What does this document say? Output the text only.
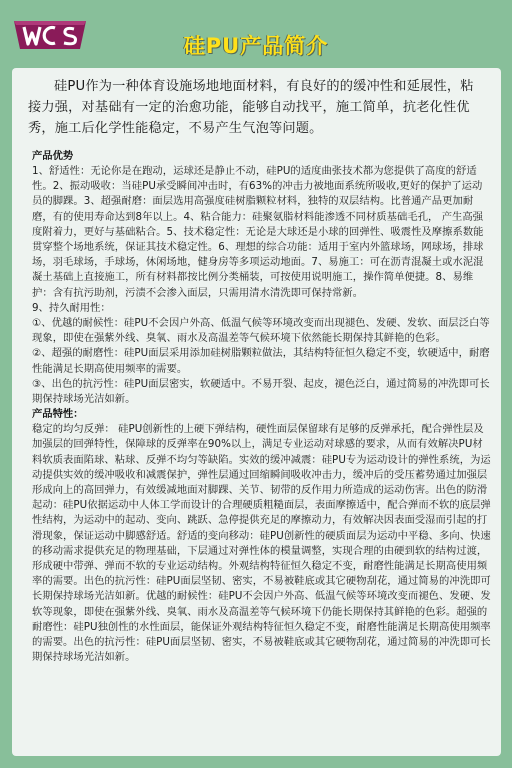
硅PU产品简介
硅PU作为一种体育设施场地地面材料，有良好的的缓冲性和延展性，粘接力强，对基础有一定的治愈功能，能够自动找平，施工简单，抗老化性优秀，施工后化学性能稳定，不易产生气泡等问题。
产品优势
1、舒适性：无论你是在跑动，运球还是静止不动，硅PU的适度曲张技术都为您提供了高度的舒适性。2、振动吸收：当硅PU承受瞬间冲击时，有63%的冲击力被地面系统所吸收,更好的保护了运动员的脚踝。3、超强耐磨：面层选用高强度硅树脂颗粒材料，独特的双层结构。比普通产品更加耐磨，有的使用寿命达到8年以上。4、粘合能力：硅聚氨脂材料能渗透不同材质基础毛孔， 产生高强度附着力，更好与基础粘合。5、技术稳定性：无论是大球还是小球的回弹性、吸震性及摩擦系数能贯穿整个场地系统，保证其技术稳定性。6、理想的综合功能：适用于室内外篮球场，网球场，排球场，羽毛球场，手球场，休闲场地，健身房等多项运动地面。7、易施工：可在沥青混凝土或水泥混凝土基础上直接施工，所有材料都按比例分类桶装，可按使用说明施工，操作简单便捷。8、易维护：含有抗污助剂，污渍不会渗入面层，只需用清水清洗即可保持常新。
9、持久耐用性：
①、优越的耐候性：硅PU不会因户外高、低温气候等环境改变而出现褪色、发硬、发软、面层泛白等现象，即使在强紫外线、臭氧、雨水及高温差等气候环境下依然能长期保持其鲜艳的色彩。
②、超强的耐磨性：硅PU面层采用添加硅树脂颗粒做法，其结构特征恒久稳定不变，软硬适中，耐磨性能满足长期高使用频率的需要。
③、出色的抗污性：硅PU面层密实，软硬适中。不易开裂、起皮，褪色泛白，通过简易的冲洗即可长期保持球场光洁如新。
产品特性：
稳定的均匀反弹： 硅PU创新性的上硬下弹结构，硬性面层保留球有足够的反弹承托，配合弹性层及加强层的回弹特性，保障球的反弹率在90%以上，满足专业运动对球感的要求，从而有效解决PU材料软质表面陷球、粘球、反弹不均匀等缺陷。实效的缓冲减震：硅PU专为运动设计的弹性系统，为运动提供实效的缓冲吸收和减震保护，弹性层通过回缩瞬间吸收冲击力，缓冲后的受压蓄势通过加强层形成向上的高回弹力，有效缓减地面对脚踝、关节、韧带的反作用力所造成的运动伤害。出色的防滑起动：硅PU依据运动中人体工学而设计的合理硬质粗糙面层，表面摩擦适中，配合弹而不软的底层弹性结构，为运动中的起动、变向、跳跃、急停提供充足的摩擦动力，有效解决因表面受湿而引起的打滑现象，保证运动中脚感舒适。舒适的变向移动：硅PU创新性的硬质面层为运动中平稳、多向、快速的移动需求提供充足的物理基础，下层通过对弹性体的模量调整，实现合理的由硬到软的结构过渡，形成硬中带弹、弹而不软的专业运动结构。外观结构特征恒久稳定不变，耐磨性能满足长期高使用频率的需要。出色的抗污性：硅PU面层坚韧、密实，不易被鞋底或其它硬物刮花，通过简易的冲洗即可长期保持球场光洁如新。优越的耐候性：硅PU不会因户外高、低温气候等环境改变而褪色、发硬、发软等现象，即使在强紫外线、臭氧、雨水及高温差等气候环境下仍能长期保持其鲜艳的色彩。超强的耐磨性：硅PU独创性的水性面层，能保证外观结构特征恒久稳定不变，耐磨性能满足长期高使用频率的需要。出色的抗污性：硅PU面层坚韧、密实，不易被鞋底或其它硬物刮花，通过简易的冲洗即可长期保持球场光洁如新。
